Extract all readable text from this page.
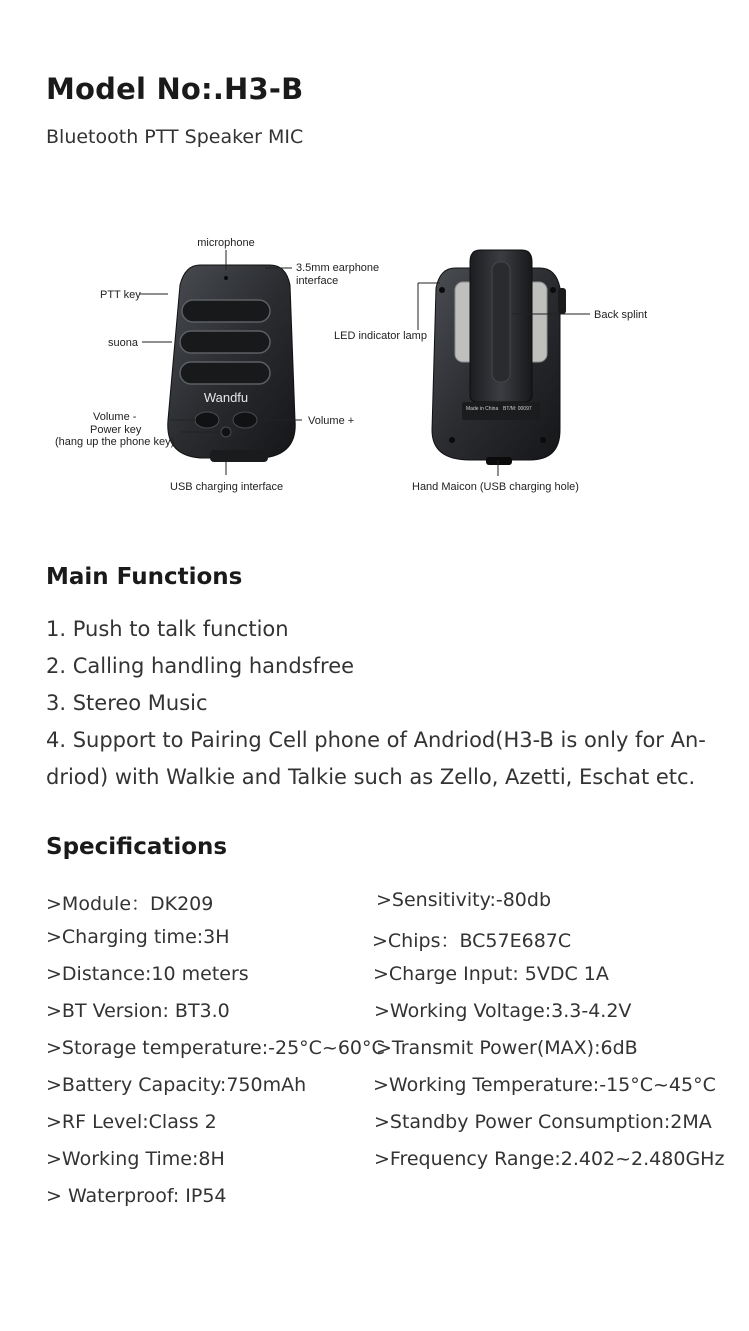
Model No:.H3-B
Bluetooth PTT Speaker MIC
Wandfu
microphone
3.5mm earphone
interface
PTT key
suona
Volume -
Power key
(hang up the phone key)
Volume +
USB charging interface
Made in China BT/M: 00097
LED indicator lamp
Back splint
Hand Maicon (USB charging hole)
Main Functions
1. Push to talk function
2. Calling handling handsfree
3. Stereo Music
4. Support to Pairing Cell phone of Andriod(H3-B is only for An-
driod) with Walkie and Talkie such as Zello, Azetti, Eschat etc.
Specifications
>Module：DK209
>Charging time:3H
>Distance:10 meters
>BT Version: BT3.0
>Storage temperature:-25°C~60°C
>Battery Capacity:750mAh
>RF Level:Class 2
>Working Time:8H
> Waterproof: IP54
>Sensitivity:-80db
>Chips：BC57E687C
>Charge Input: 5VDC 1A
>Working Voltage:3.3-4.2V
>Transmit Power(MAX):6dB
>Working Temperature:-15°C~45°C
>Standby Power Consumption:2MA
>Frequency Range:2.402~2.480GHz
